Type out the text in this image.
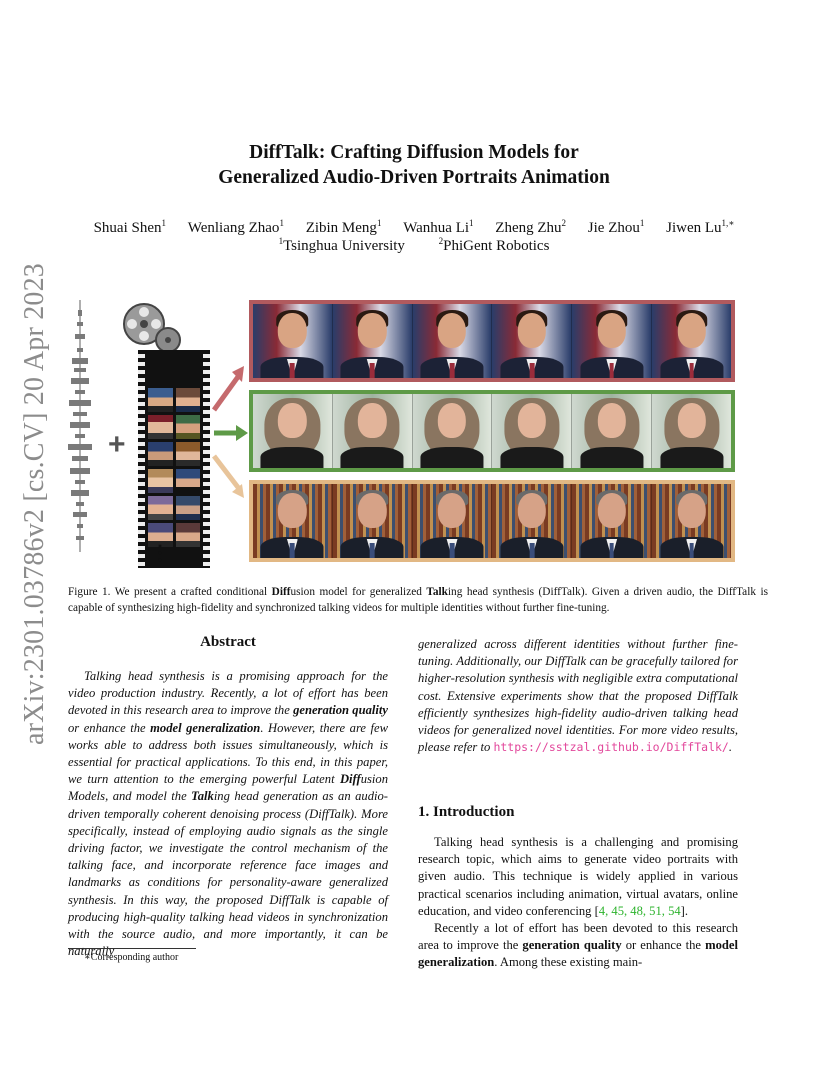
arXiv:2301.03786v2 [cs.CV] 20 Apr 2023
DiffTalk: Crafting Diffusion Models for
Generalized Audio-Driven Portraits Animation
Shuai Shen$^1$ Wenliang Zhao$^1$ Zibin Meng$^1$ Wanhua Li$^1$ Zheng Zhu$^2$ Jie Zhou$^1$ Jiwen $Lu^{1,∗}$
$^1$Tsinghua University	$^2$PhiGent Robotics
+
⋮
Figure 1. We present a crafted conditional Diffusion model for generalized Talking head synthesis (DiffTalk). Given a driven audio, the DiffTalk is capable of synthesizing high-fidelity and synchronized talking videos for multiple identities without further fine-tuning.
Abstract
Talking head synthesis is a promising approach for the video production industry. Recently, a lot of effort has been devoted in this research area to improve the generation quality or enhance the model generalization. However, there are few works able to address both issues simultaneously, which is essential for practical applications. To this end, in this paper, we turn attention to the emerging powerful Latent Diffusion Models, and model the Talking head generation as an audio-driven temporally coherent denoising process (DiffTalk). More specifically, instead of employing audio signals as the single driving factor, we investigate the control mechanism of the talking face, and incorporate reference face images and landmarks as conditions for personality-aware generalized synthesis. In this way, the proposed DiffTalk is capable of producing high-quality talking head videos in synchronization with the source audio, and more importantly, it can be naturally
∗Corresponding author
generalized across different identities without further fine-tuning. Additionally, our DiffTalk can be gracefully tailored for higher-resolution synthesis with negligible extra computational cost. Extensive experiments show that the proposed DiffTalk efficiently synthesizes high-fidelity audio-driven talking head videos for generalized novel identities. For more video results, please refer to https://sstzal.github.io/DiffTalk/.
1. Introduction
Talking head synthesis is a challenging and promising research topic, which aims to generate video portraits with given audio. This technique is widely applied in various practical scenarios including animation, virtual avatars, online education, and video conferencing [4, 45, 48, 51, 54].
Recently a lot of effort has been devoted to this research area to improve the generation quality or enhance the model generalization. Among these existing main-
